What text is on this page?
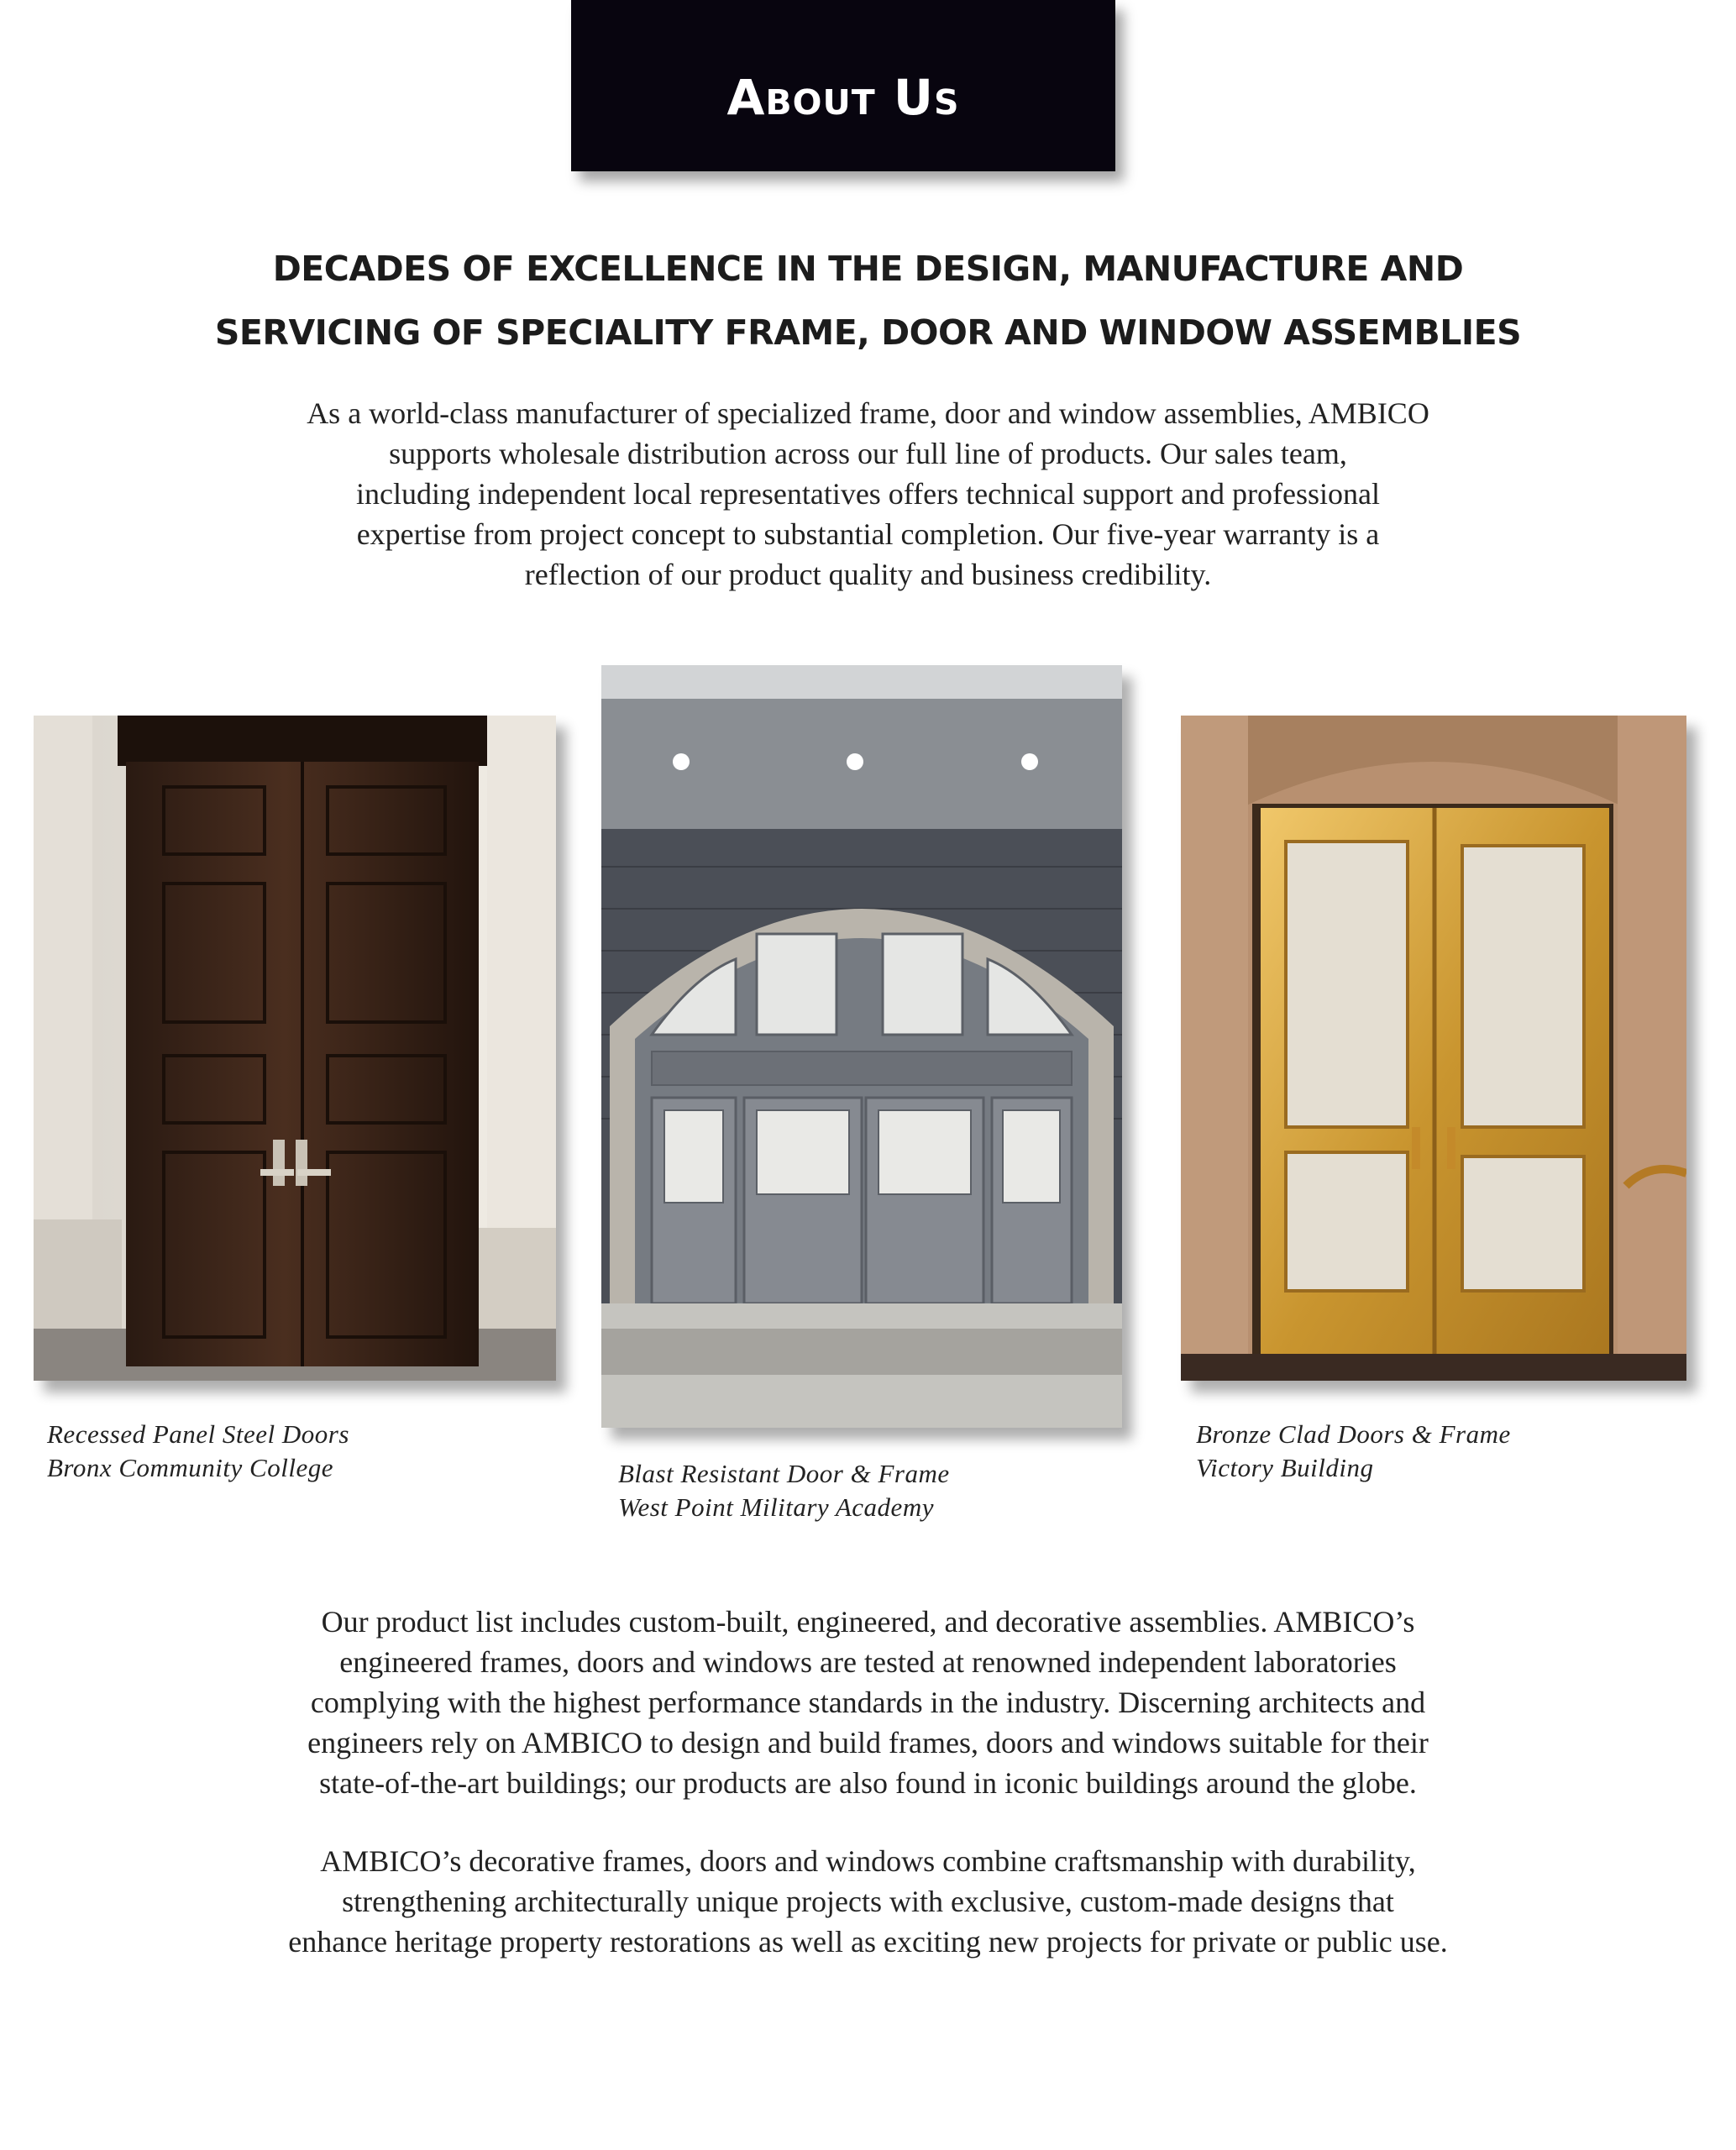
About Us
DECADES OF EXCELLENCE IN THE DESIGN, MANUFACTURE AND
SERVICING OF SPECIALITY FRAME, DOOR AND WINDOW ASSEMBLIES
As a world-class manufacturer of specialized frame, door and window assemblies, AMBICO
supports wholesale distribution across our full line of products. Our sales team,
including independent local representatives offers technical support and professional
expertise from project concept to substantial completion. Our five-year warranty is a
reflection of our product quality and business credibility.
Recessed Panel Steel Doors
Bronx Community College	Blast Resistant Door & Frame
West Point Military Academy
Bronze Clad Doors & Frame
Victory Building
Our product list includes custom-built, engineered, and decorative assemblies. AMBICO’s
engineered frames, doors and windows are tested at renowned independent laboratories
complying with the highest performance standards in the industry. Discerning architects and
engineers rely on AMBICO to design and build frames, doors and windows suitable for their
state-of-the-art buildings; our products are also found in iconic buildings around the globe.
AMBICO’s decorative frames, doors and windows combine craftsmanship with durability,
strengthening architecturally unique projects with exclusive, custom-made designs that
enhance heritage property restorations as well as exciting new projects for private or public use.
